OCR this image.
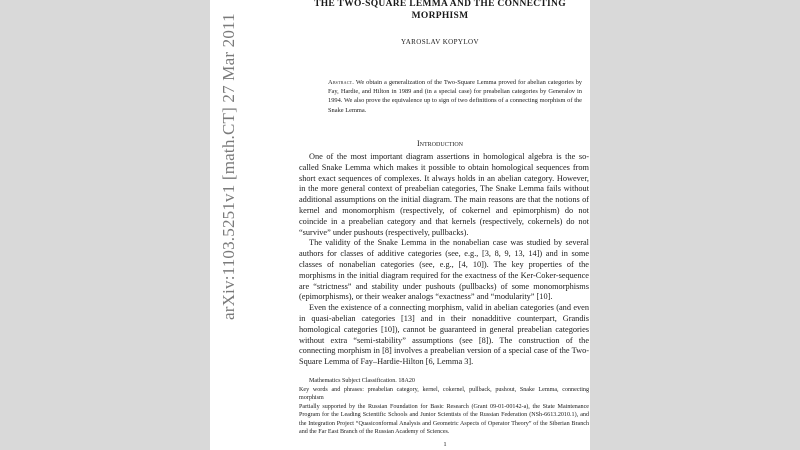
arXiv:1103.5251v1 [math.CT] 27 Mar 2011
THE TWO-SQUARE LEMMA AND THE CONNECTING
MORPHISM
YAROSLAV KOPYLOV
Abstract. We obtain a generalization of the Two-Square Lemma proved for abelian categories by Fay, Hardie, and Hilton in 1989 and (in a special case) for preabelian categories by Generalov in 1994. We also prove the equivalence up to sign of two definitions of a connecting morphism of the Snake Lemma.
Introduction

One of the most important diagram assertions in homological algebra is the so-called Snake Lemma which makes it possible to obtain homological sequences from short exact sequences of complexes. It always holds in an abelian category. However, in the more general context of preabelian categories, The Snake Lemma fails without additional assumptions on the initial diagram. The main reasons are that the notions of kernel and monomorphism (respectively, of cokernel and epimorphism) do not coincide in a preabelian category and that kernels (respectively, cokernels) do not “survive” under pushouts (respectively, pullbacks).

The validity of the Snake Lemma in the nonabelian case was studied by several authors for classes of additive categories (see, e.g., [3, 8, 9, 13, 14]) and in some classes of nonabelian categories (see, e.g., [4, 10]). The key properties of the morphisms in the initial diagram required for the exactness of the Ker-Coker-sequence are “strictness” and stability under pushouts (pullbacks) of some monomorphisms (epimorphisms), or their weaker analogs “exactness” and “modularity” [10].

Even the existence of a connecting morphism, valid in abelian categories (and even in quasi-abelian categories [13] and in their nonadditive counterpart, Grandis homological categories [10]), cannot be guaranteed in general preabelian categories without extra “semi-stability” assumptions (see [8]). The construction of the connecting morphism in [8] involves a preabelian version of a special case of the Two-Square Lemma of Fay–Hardie-Hilton [6, Lemma 3].

Mathematics Subject Classification. 18A20

Key words and phrases: preabelian category, kernel, cokernel, pullback, pushout, Snake Lemma, connecting morphism

Partially supported by the Russian Foundation for Basic Research (Grant 09-01-00142-a), the State Maintenance Program for the Leading Scientific Schools and Junior Scientists of the Russian Federation (NSh-6613.2010.1), and the Integration Project “Quasiconformal Analysis and Geometric Aspects of Operator Theory” of the Siberian Branch and the Far East Branch of the Russian Academy of Sciences.

1
